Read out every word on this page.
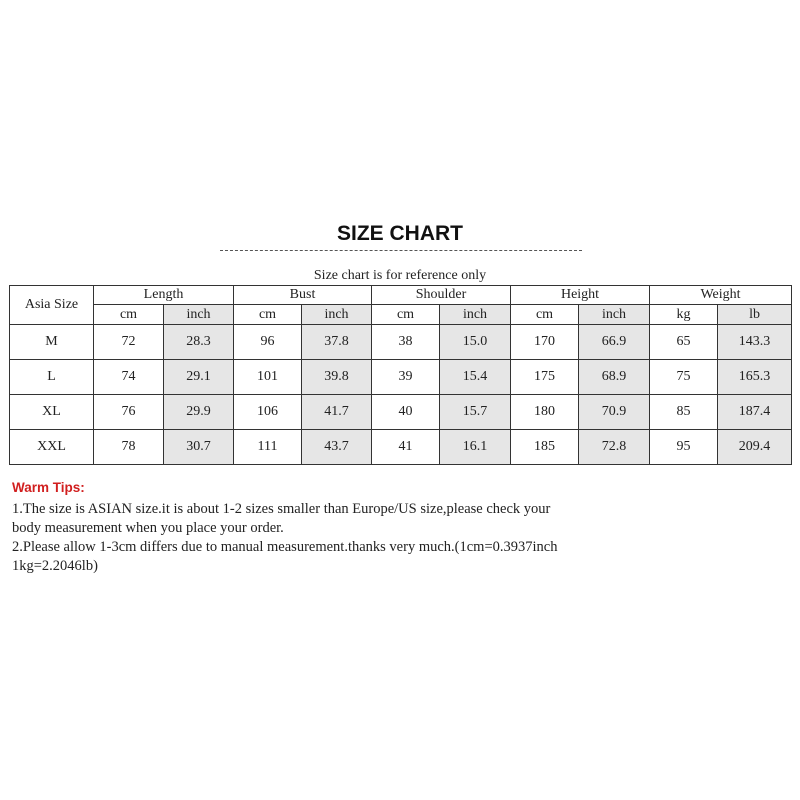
SIZE CHART
Size chart is for reference only
Asia Size	Length		Bust		Shoulder		Height		Weight	
	cm	inch	cm	inch	cm	inch	cm	inch	kg	lb
M	72	28.3	96	37.8	38	15.0	170	66.9	65	143.3
L	74	29.1	101	39.8	39	15.4	175	68.9	75	165.3
XL	76	29.9	106	41.7	40	15.7	180	70.9	85	187.4
XXL	78	30.7	111	43.7	41	16.1	185	72.8	95	209.4
Warm Tips:

1.The size is ASIAN size.it is about 1-2 sizes smaller than Europe/US size,please check your

body measurement when you place your order.

2.Please allow 1-3cm differs due to manual measurement.thanks very much.(1cm=0.3937inch

1kg=2.2046lb)
